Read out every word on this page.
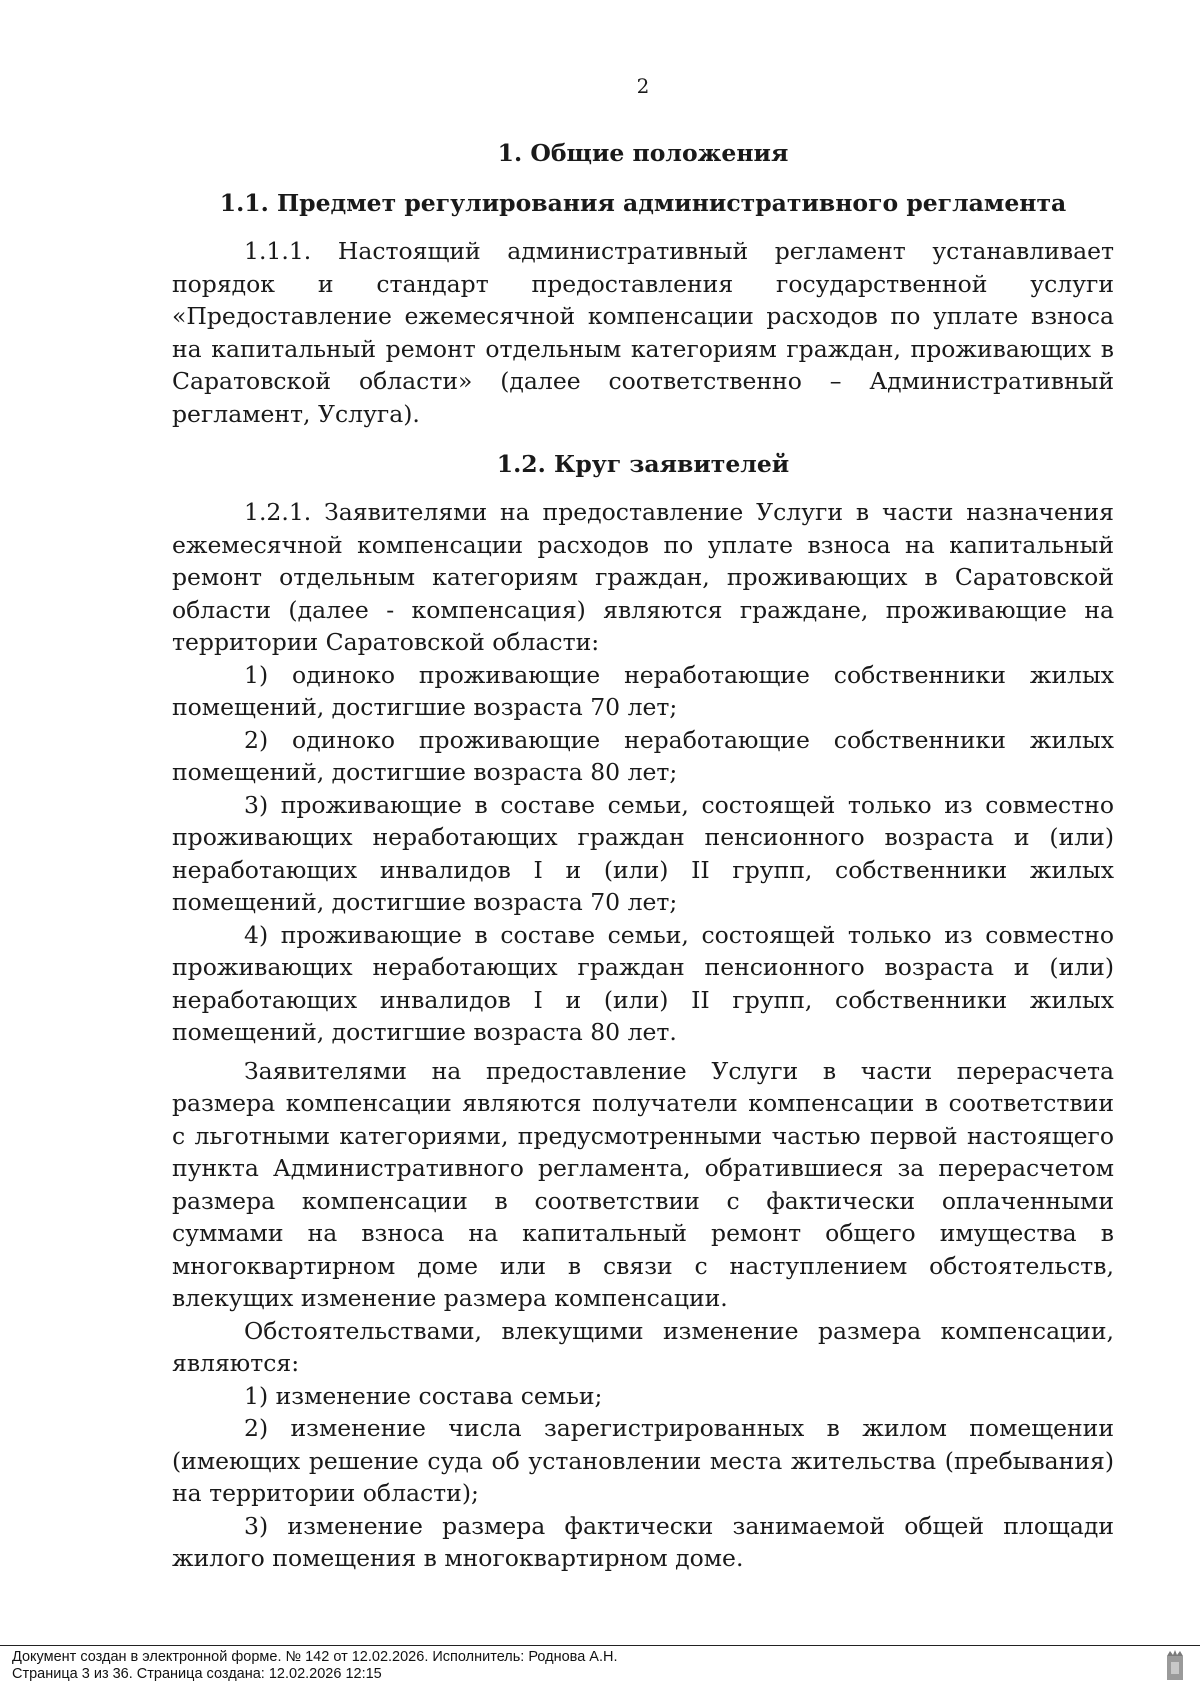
2
1. Общие положения
1.1. Предмет регулирования административного регламента

1.1.1. Настоящий административный регламент устанавливает порядок и стандарт предоставления государственной услуги «Предоставление ежемесячной компенсации расходов по уплате взноса на капитальный ремонт отдельным категориям граждан, проживающих в Саратовской области» (далее соответственно – Административный регламент, Услуга).

1.2. Круг заявителей

1.2.1. Заявителями на предоставление Услуги в части назначения ежемесячной компенсации расходов по уплате взноса на капитальный ремонт отдельным категориям граждан, проживающих в Саратовской области (далее - компенсация) являются граждане, проживающие на территории Саратовской области:

1) одиноко проживающие неработающие собственники жилых помещений, достигшие возраста 70 лет;

2) одиноко проживающие неработающие собственники жилых помещений, достигшие возраста 80 лет;

3) проживающие в составе семьи, состоящей только из совместно проживающих неработающих граждан пенсионного возраста и (или) неработающих инвалидов I и (или) II групп, собственники жилых помещений, достигшие возраста 70 лет;

4) проживающие в составе семьи, состоящей только из совместно проживающих неработающих граждан пенсионного возраста и (или) неработающих инвалидов I и (или) II групп, собственники жилых помещений, достигшие возраста 80 лет.

Заявителями на предоставление Услуги в части перерасчета размера компенсации являются получатели компенсации в соответствии с льготными категориями, предусмотренными частью первой настоящего пункта Административного регламента, обратившиеся за перерасчетом размера компенсации в соответствии с фактически оплаченными суммами на взноса на капитальный ремонт общего имущества в многоквартирном доме или в связи с наступлением обстоятельств, влекущих изменение размера компенсации.

Обстоятельствами, влекущими изменение размера компенсации, являются:

1) изменение состава семьи;

2) изменение числа зарегистрированных в жилом помещении (имеющих решение суда об установлении места жительства (пребывания) на территории области);

3) изменение размера фактически занимаемой общей площади жилого помещения в многоквартирном доме.

Документ создан в электронной форме. № 142 от 12.02.2026. Исполнитель: Роднова А.Н.
Страница 3 из 36. Страница создана: 12.02.2026 12:15
